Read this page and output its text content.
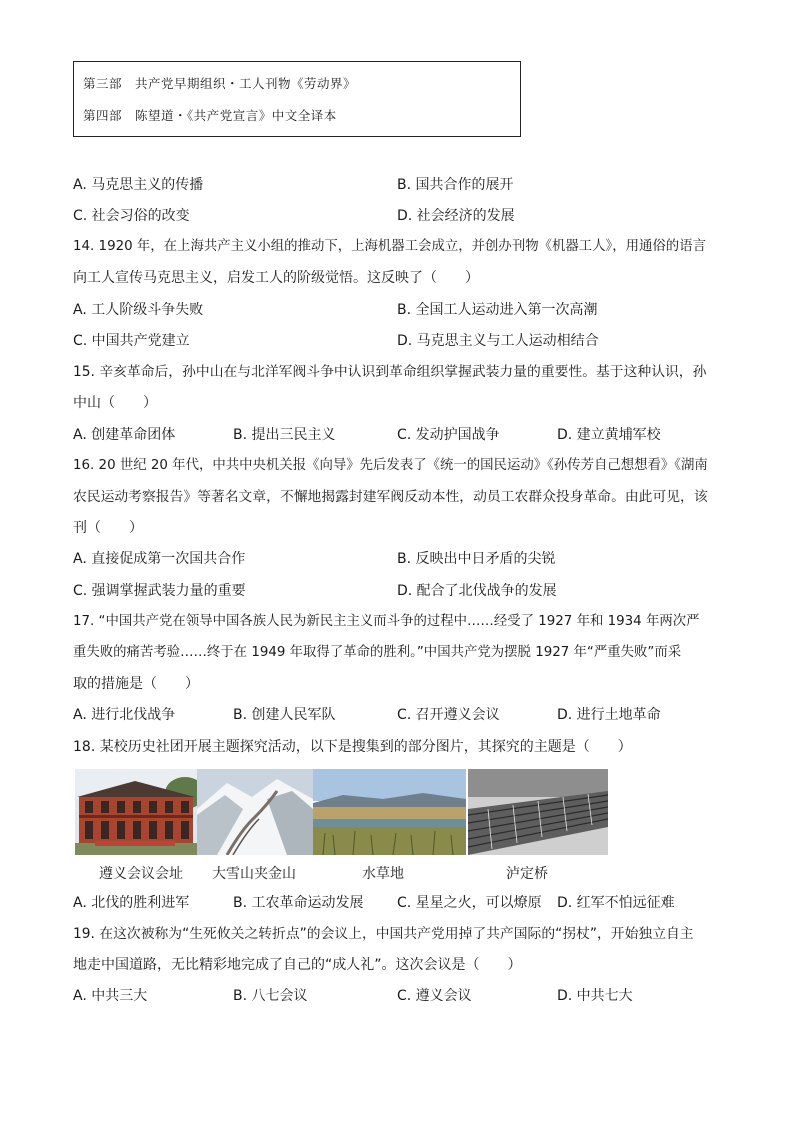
第三部　共产党早期组织・工人刊物《劳动界》
第四部　陈望道・《共产党宣言》中文全译本
A. 马克思主义的传播	B. 国共合作的展开
C. 社会习俗的改变	D. 社会经济的发展
14. 1920 年，在上海共产主义小组的推动下，上海机器工会成立，并创办刊物《机器工人》，用通俗的语言
向工人宣传马克思主义，启发工人的阶级觉悟。这反映了（　　）
A. 工人阶级斗争失败	B. 全国工人运动进入第一次高潮
C. 中国共产党建立	D. 马克思主义与工人运动相结合
15. 辛亥革命后，孙中山在与北洋军阀斗争中认识到革命组织掌握武装力量的重要性。基于这种认识，孙
中山（　　）
A. 创建革命团体	B. 提出三民主义	C. 发动护国战争	D. 建立黄埔军校
16. 20 世纪 20 年代，中共中央机关报《向导》先后发表了《统一的国民运动》《孙传芳自己想想看》《湖南
农民运动考察报告》等著名文章，不懈地揭露封建军阀反动本性，动员工农群众投身革命。由此可见，该
刊（　　）
A. 直接促成第一次国共合作	B. 反映出中日矛盾的尖锐
C. 强调掌握武装力量的重要	D. 配合了北伐战争的发展
17. “中国共产党在领导中国各族人民为新民主主义而斗争的过程中……经受了 1927 年和 1934 年两次严
重失败的痛苦考验……终于在 1949 年取得了革命的胜利。”中国共产党为摆脱 1927 年“严重失败”而采
取的措施是（　　）
A. 进行北伐战争	B. 创建人民军队	C. 召开遵义会议	D. 进行土地革命
18. 某校历史社团开展主题探究活动，以下是搜集到的部分图片，其探究的主题是（　　）
遵义会议会址 大雪山夹金山	水草地	泸定桥
A. 北伐的胜利进军	B. 工农革命运动发展 C. 星星之火，可以燎原 D. 红军不怕远征难
19. 在这次被称为“生死攸关之转折点”的会议上，中国共产党用掉了共产国际的“拐杖”，开始独立自主
地走中国道路，无比精彩地完成了自己的“成人礼”。这次会议是（　　）
A. 中共三大	B. 八七会议	C. 遵义会议	D. 中共七大
